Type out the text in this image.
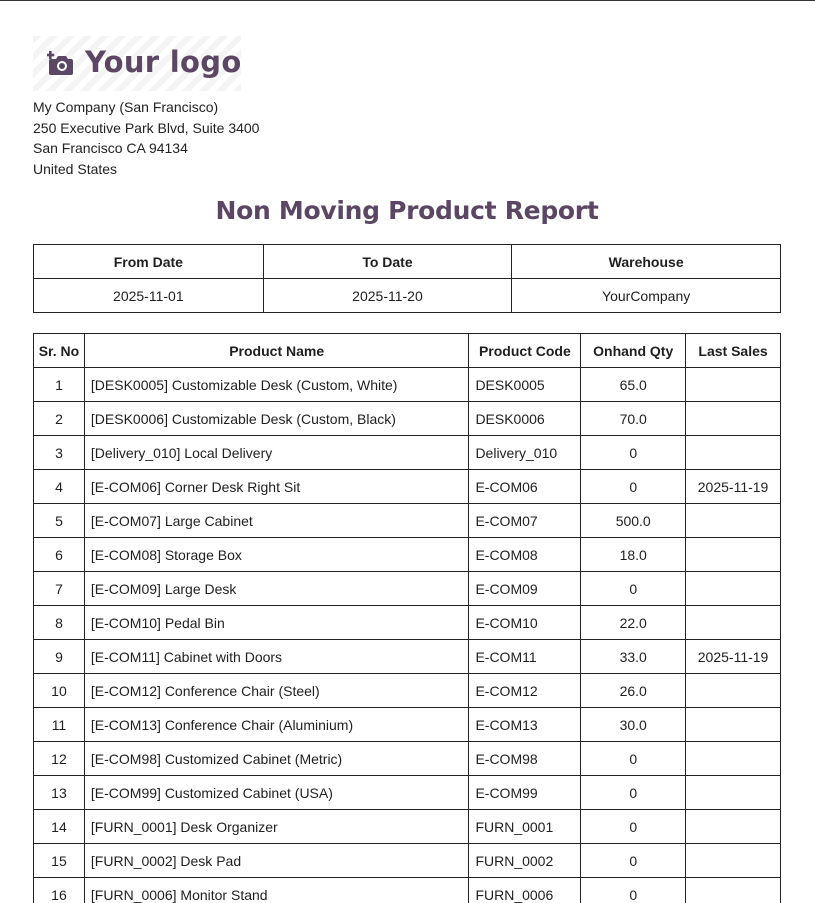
Your logo
My Company (San Francisco)
250 Executive Park Blvd, Suite 3400
San Francisco CA 94134
United States
Non Moving Product Report
From Date	To Date	Warehouse
2025-11-01	2025-11-20	YourCompany
Sr. No	Product Name	Product Code	Onhand Qty	Last Sales
1	[DESK0005] Customizable Desk (Custom, White)	DESK0005	65.0	
2	[DESK0006] Customizable Desk (Custom, Black)	DESK0006	70.0	
3	[Delivery_010] Local Delivery	Delivery_010	0	
4	[E-COM06] Corner Desk Right Sit	E-COM06	0	2025-11-19
5	[E-COM07] Large Cabinet	E-COM07	500.0	
6	[E-COM08] Storage Box	E-COM08	18.0	
7	[E-COM09] Large Desk	E-COM09	0	
8	[E-COM10] Pedal Bin	E-COM10	22.0	
9	[E-COM11] Cabinet with Doors	E-COM11	33.0	2025-11-19
10	[E-COM12] Conference Chair (Steel)	E-COM12	26.0	
11	[E-COM13] Conference Chair (Aluminium)	E-COM13	30.0	
12	[E-COM98] Customized Cabinet (Metric)	E-COM98	0	
13	[E-COM99] Customized Cabinet (USA)	E-COM99	0	
14	[FURN_0001] Desk Organizer	FURN_0001	0	
15	[FURN_0002] Desk Pad	FURN_0002	0	
16	[FURN_0006] Monitor Stand	FURN_0006	0	
